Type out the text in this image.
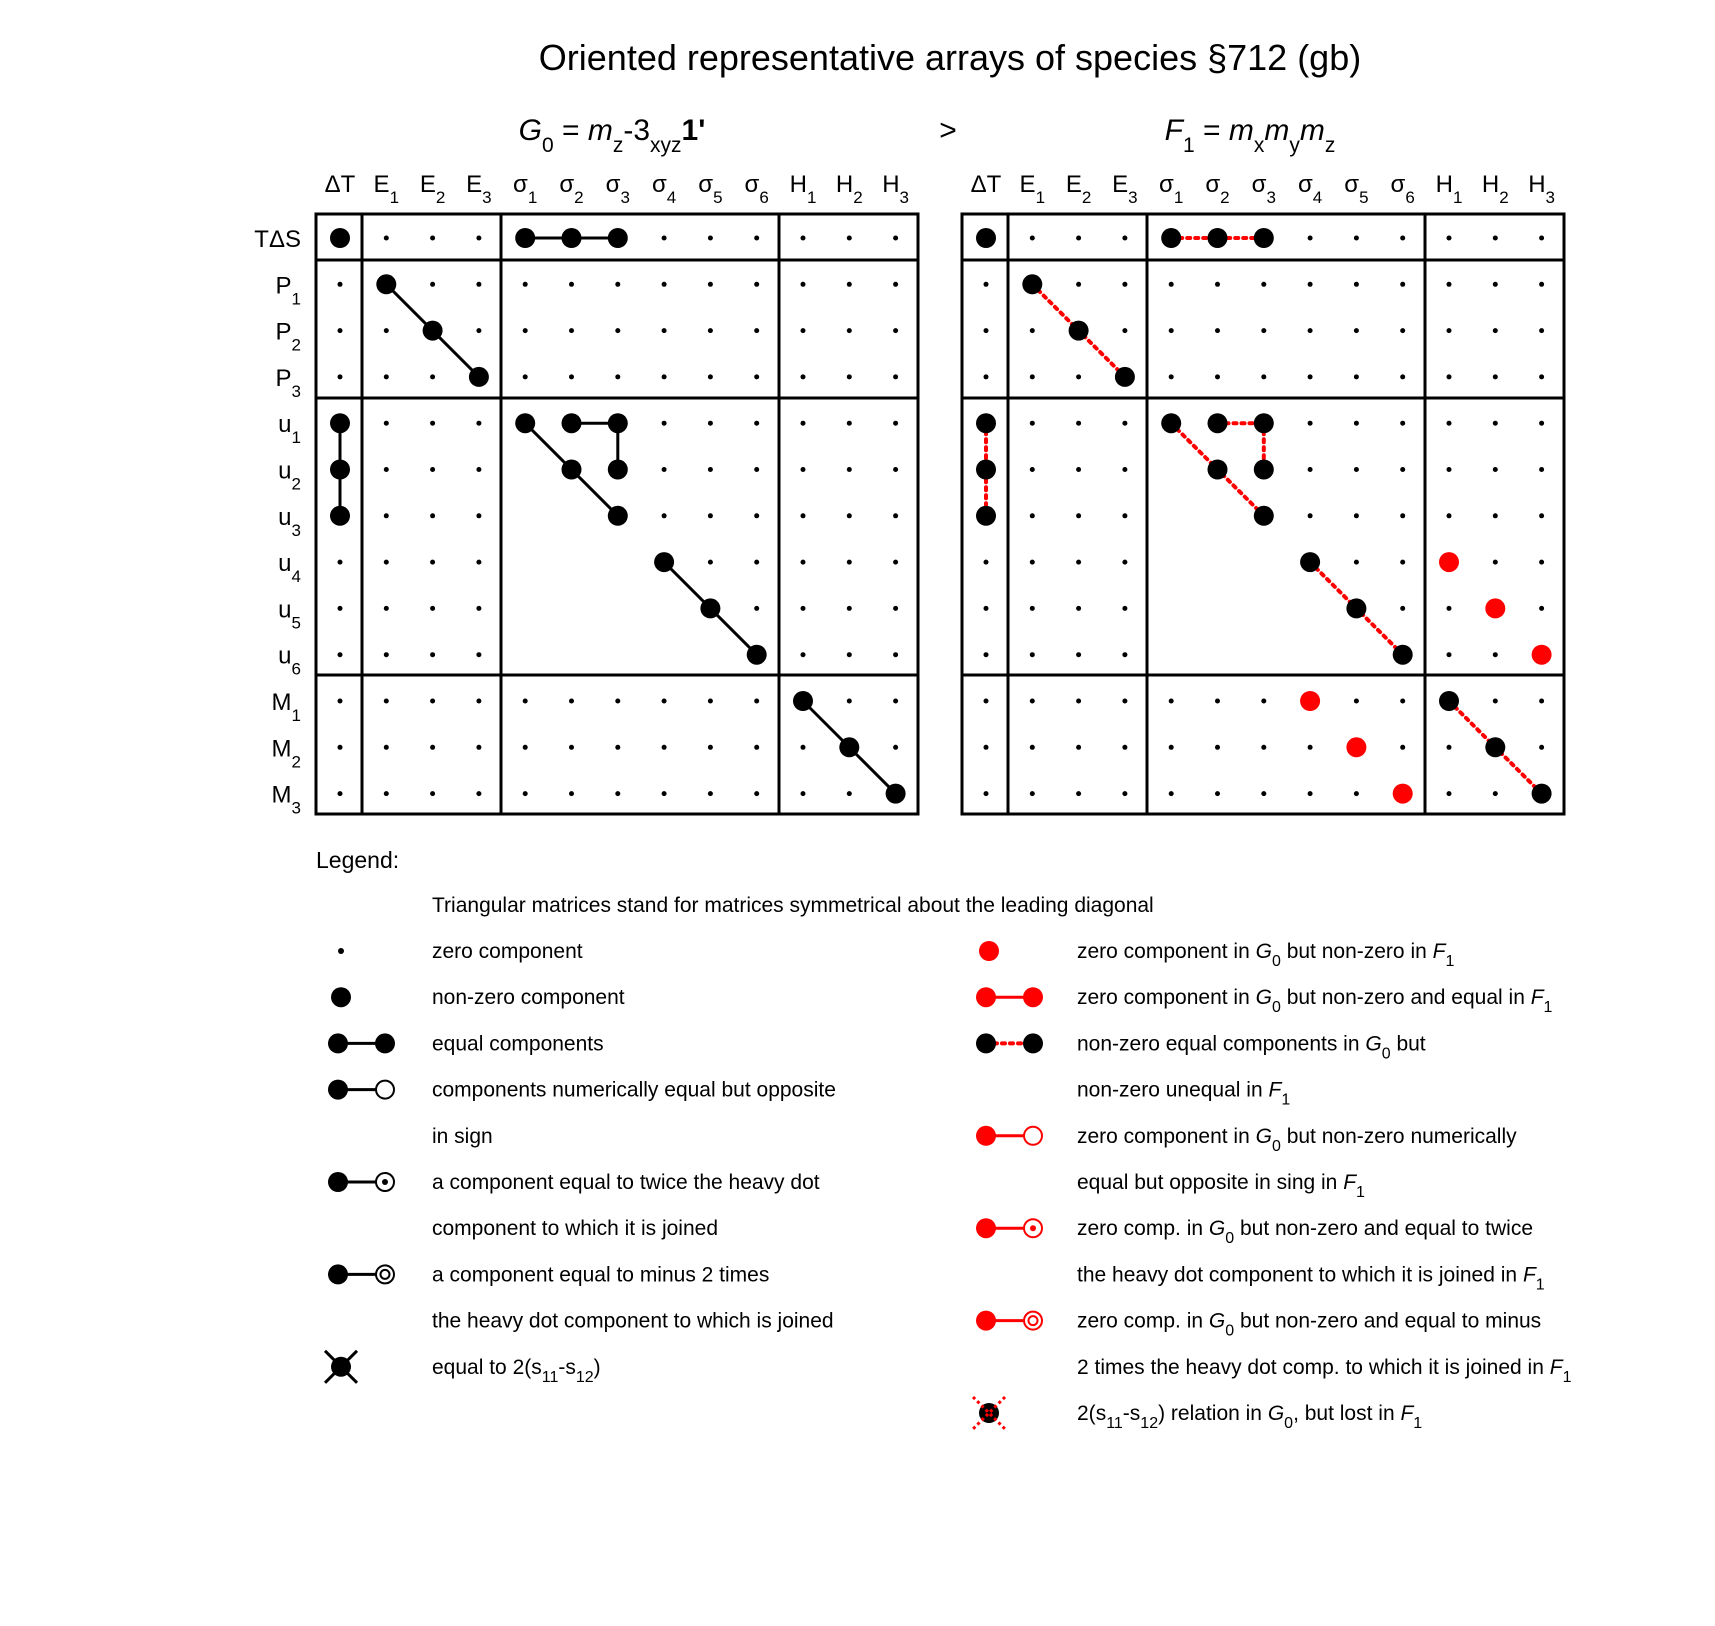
Oriented representative arrays of species §712 (gb)
$G_0 = m_z-3_{xyz}1'$	>	$F_1 = m_xm_ym_z$
ΔT $E_1$ $E_2$ $E_3$ $\sigma_1$ $\sigma_2$ $\sigma_3$ $\sigma_4$ $\sigma_5$ $\sigma_6$ $H_1$ $H_2$ $H_3$
TΔS
$P_1$
$P_2$
$P_3$
$u_1$
$u_2$
$u_3$
$u_4$
$u_5$
$u_6$
$M_1$
$M_2$
$M_3$
ΔT $E_1$ $E_2$ $E_3$ $\sigma_1$ $\sigma_2$ $\sigma_3$ $\sigma_4$ $\sigma_5$ $\sigma_6$ $H_1$ $H_2$ $H_3$
Legend:
Triangular matrices stand for matrices symmetrical about the leading diagonal
zero component
non-zero component
equal components
components numerically equal but opposite
in sign
a component equal to twice the heavy dot
component to which it is joined
a component equal to minus 2 times
the heavy dot component to which is joined
equal to $2(s_{11}-s_{12})$
zero component in $G_0$ but non-zero in $F_1$
zero component in $G_0$ but non-zero and equal in $F_1$
non-zero equal components in $G_0$ but
non-zero unequal in $F_1$
zero component in $G_0$ but non-zero numerically
equal but opposite in sing in $F_1$
zero comp. in $G_0$ but non-zero and equal to twice
the heavy dot component to which it is joined in $F_1$
zero comp. in $G_0$ but non-zero and equal to minus
2 times the heavy dot comp. to which it is joined in $F_1$
$2(s_{11}-s_{12})$ relation in $G_0$, but lost in $F_1$
